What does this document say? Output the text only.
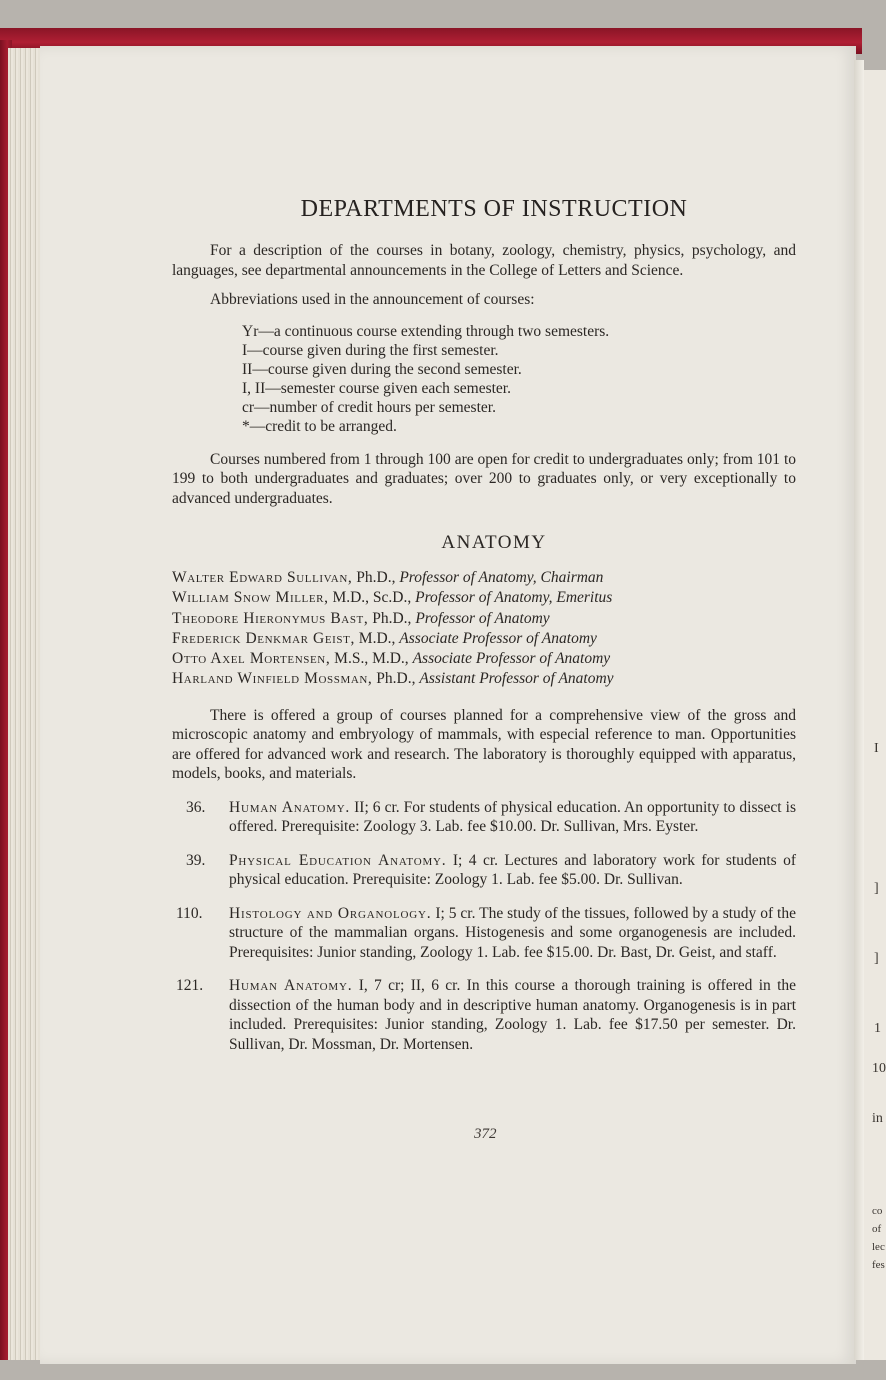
I
]
]
1
10
in
co
of
lec
fes
DEPARTMENTS OF INSTRUCTION

For a description of the courses in botany, zoology, chemistry, physics, psychology, and languages, see departmental announcements in the College of Letters and Science.

Abbreviations used in the announcement of courses:

Yr—a continuous course extending through two semesters.
I—course given during the first semester.
II—course given during the second semester.
I, II—semester course given each semester.
cr—number of credit hours per semester.
*—credit to be arranged.

Courses numbered from 1 through 100 are open for credit to undergraduates only; from 101 to 199 to both undergraduates and graduates; over 200 to graduates only, or very exceptionally to advanced undergraduates.

ANATOMY
Walter Edward Sullivan, Ph.D., Professor of Anatomy, Chairman
William Snow Miller, M.D., Sc.D., Professor of Anatomy, Emeritus
Theodore Hieronymus Bast, Ph.D., Professor of Anatomy
Frederick Denkmar Geist, M.D., Associate Professor of Anatomy
Otto Axel Mortensen, M.S., M.D., Associate Professor of Anatomy
Harland Winfield Mossman, Ph.D., Assistant Professor of Anatomy

There is offered a group of courses planned for a comprehensive view of the gross and microscopic anatomy and embryology of mammals, with especial reference to man. Opportunities are offered for advanced work and research. The laboratory is thoroughly equipped with apparatus, models, books, and materials.

36. Human Anatomy. II; 6 cr. For students of physical education. An opportunity to dissect is offered. Prerequisite: Zoology 3. Lab. fee $10.00. Dr. Sullivan, Mrs. Eyster.
39. Physical Education Anatomy. I; 4 cr. Lectures and laboratory work for students of physical education. Prerequisite: Zoology 1. Lab. fee $5.00. Dr. Sullivan.
110. Histology and Organology. I; 5 cr. The study of the tissues, followed by a study of the structure of the mammalian organs. Histogenesis and some organogenesis are included. Prerequisites: Junior standing, Zoology 1. Lab. fee $15.00. Dr. Bast, Dr. Geist, and staff.
121. Human Anatomy. I, 7 cr; II, 6 cr. In this course a thorough training is offered in the dissection of the human body and in descriptive human anatomy. Organogenesis is in part included. Prerequisites: Junior standing, Zoology 1. Lab. fee $17.50 per semester. Dr. Sullivan, Dr. Mossman, Dr. Mortensen.
372
